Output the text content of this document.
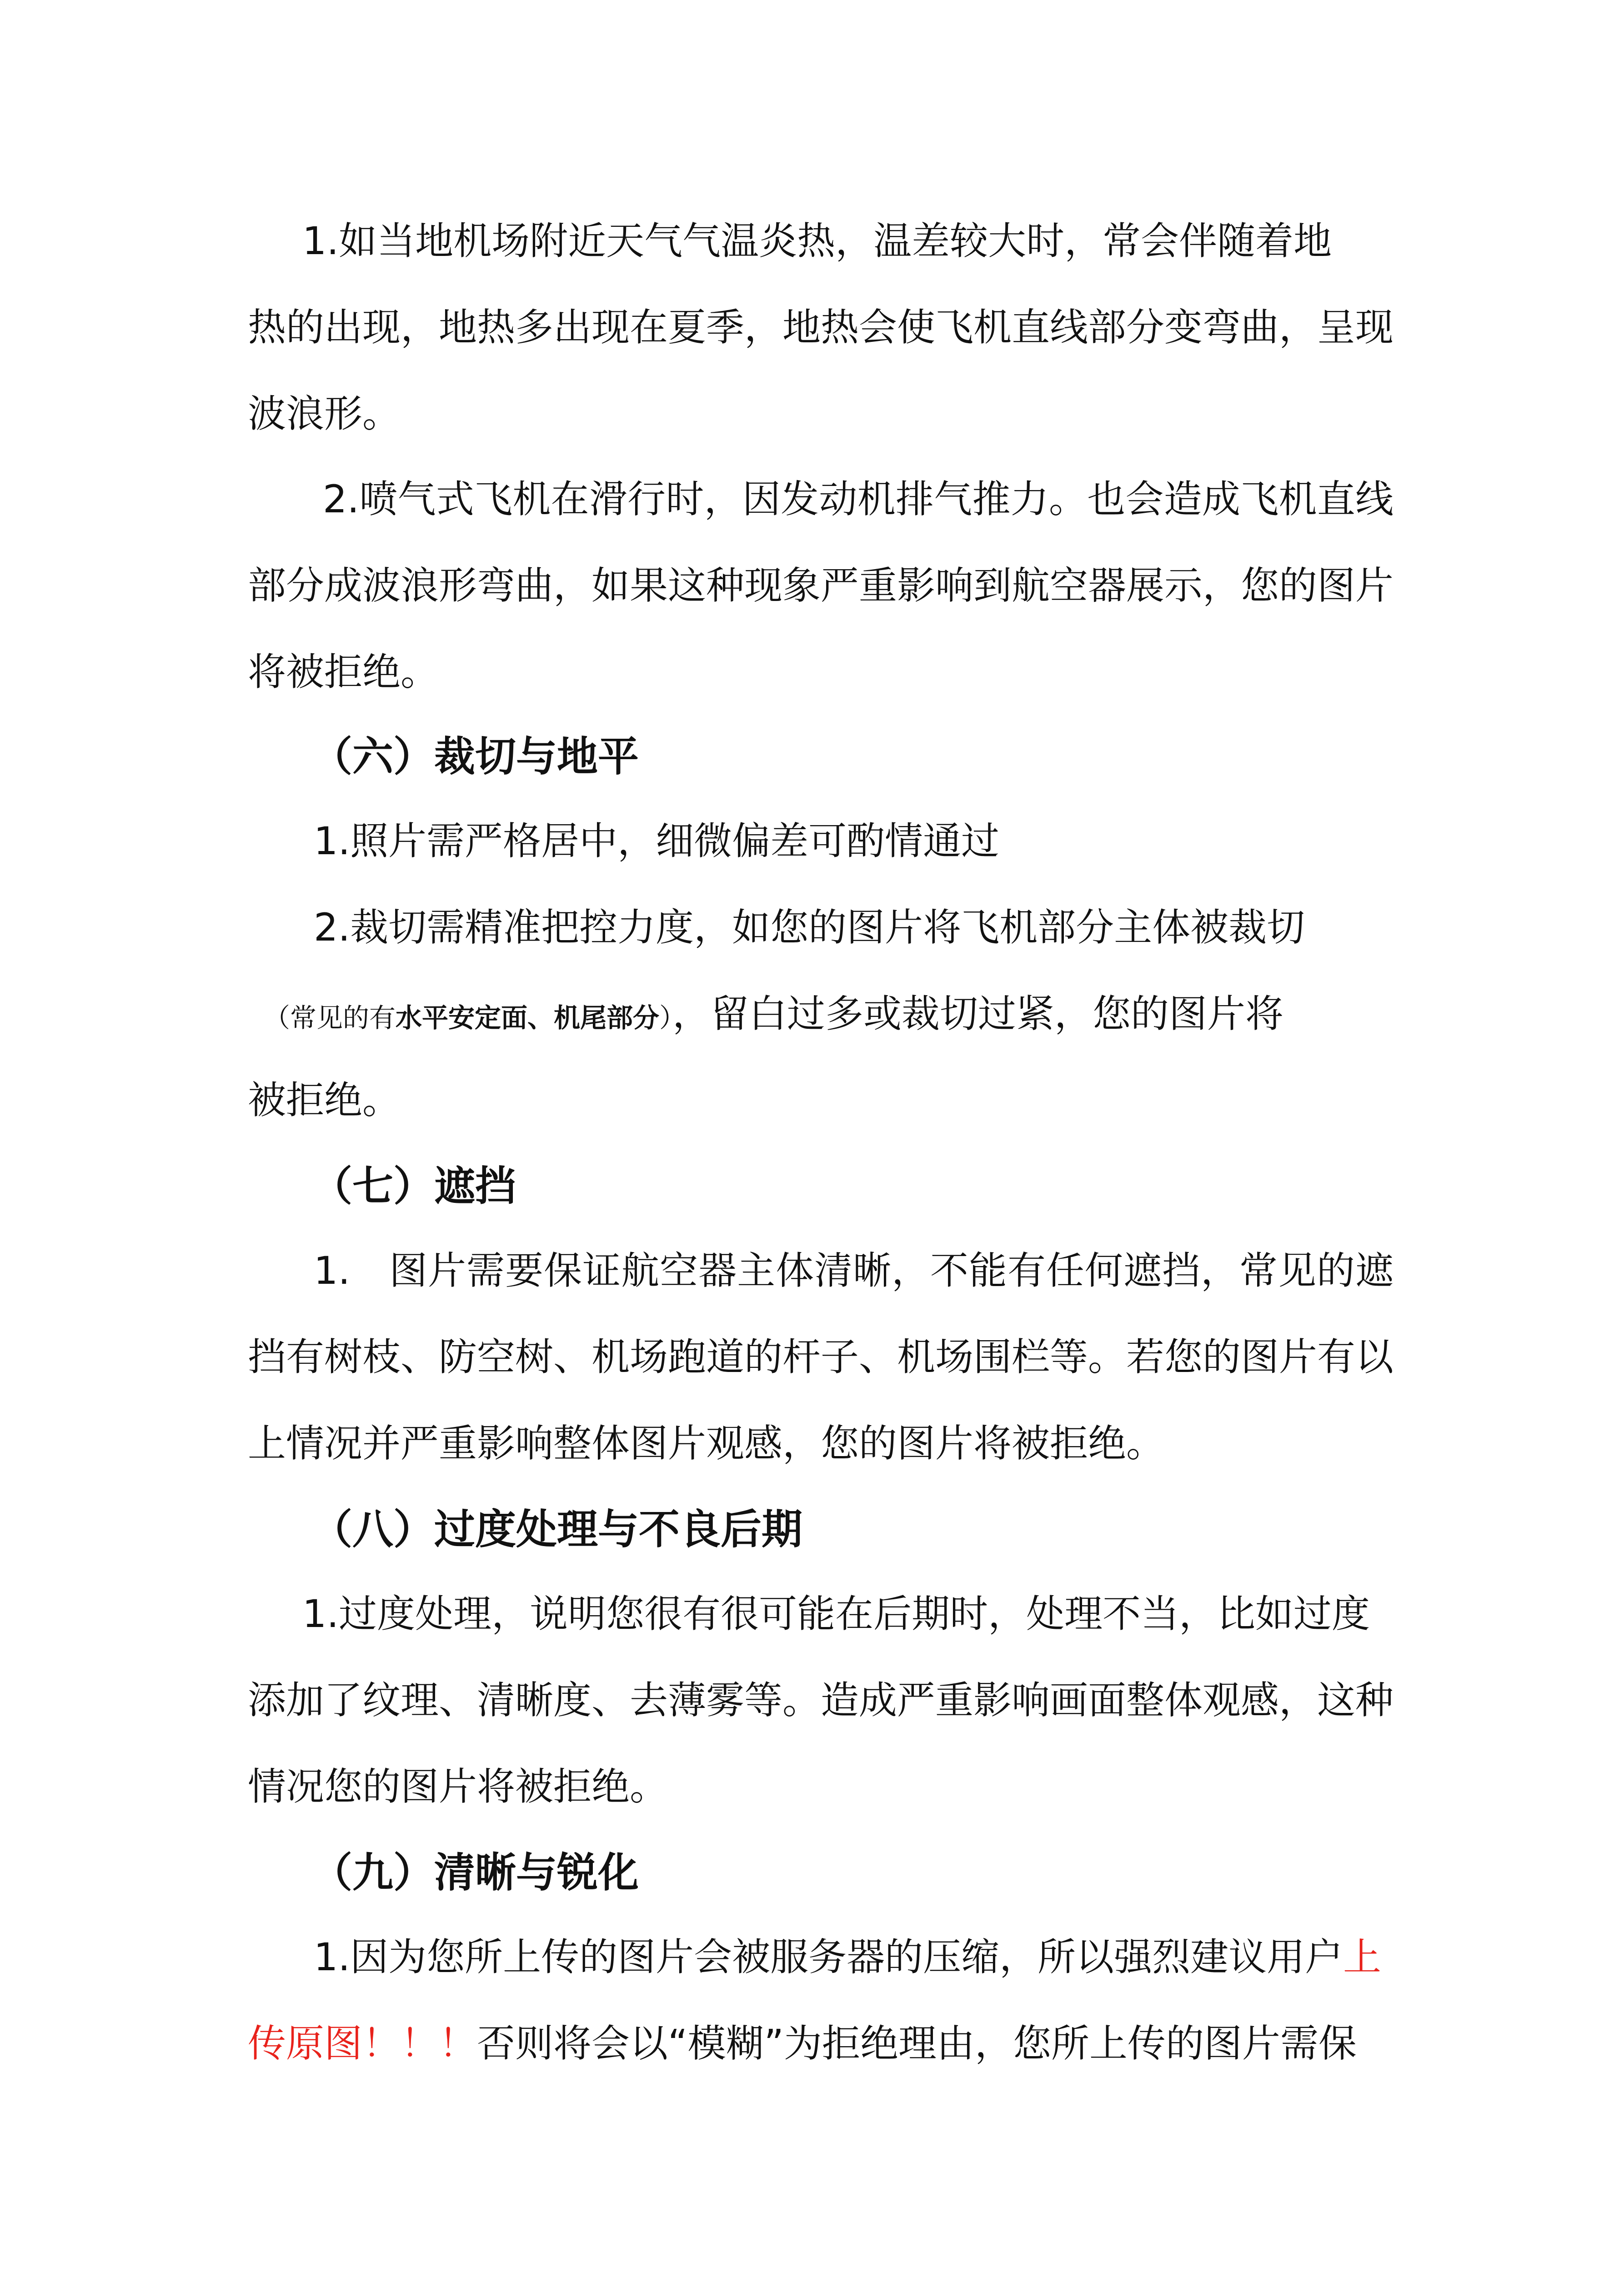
1.如当地机场附近天气气温炎热，温差较大时，常会伴随着地
热的出现，地热多出现在夏季，地热会使飞机直线部分变弯曲，呈现
波浪形。
2.喷气式飞机在滑行时，因发动机排气推力。也会造成飞机直线
部分成波浪形弯曲，如果这种现象严重影响到航空器展示，您的图片
将被拒绝。
（六）裁切与地平
1.照片需严格居中，细微偏差可酌情通过
2.裁切需精准把控力度，如您的图片将飞机部分主体被裁切
（常见的有水平安定面、机尾部分），留白过多或裁切过紧，您的图片将
被拒绝。
（七）遮挡
1.　图片需要保证航空器主体清晰，不能有任何遮挡，常见的遮
挡有树枝、防空树、机场跑道的杆子、机场围栏等。若您的图片有以
上情况并严重影响整体图片观感，您的图片将被拒绝。
（八）过度处理与不良后期
1.过度处理，说明您很有很可能在后期时，处理不当，比如过度
添加了纹理、清晰度、去薄雾等。造成严重影响画面整体观感，这种
情况您的图片将被拒绝。
（九）清晰与锐化
1.因为您所上传的图片会被服务器的压缩，所以强烈建议用户上
传原图！！！否则将会以“模糊”为拒绝理由，您所上传的图片需保
